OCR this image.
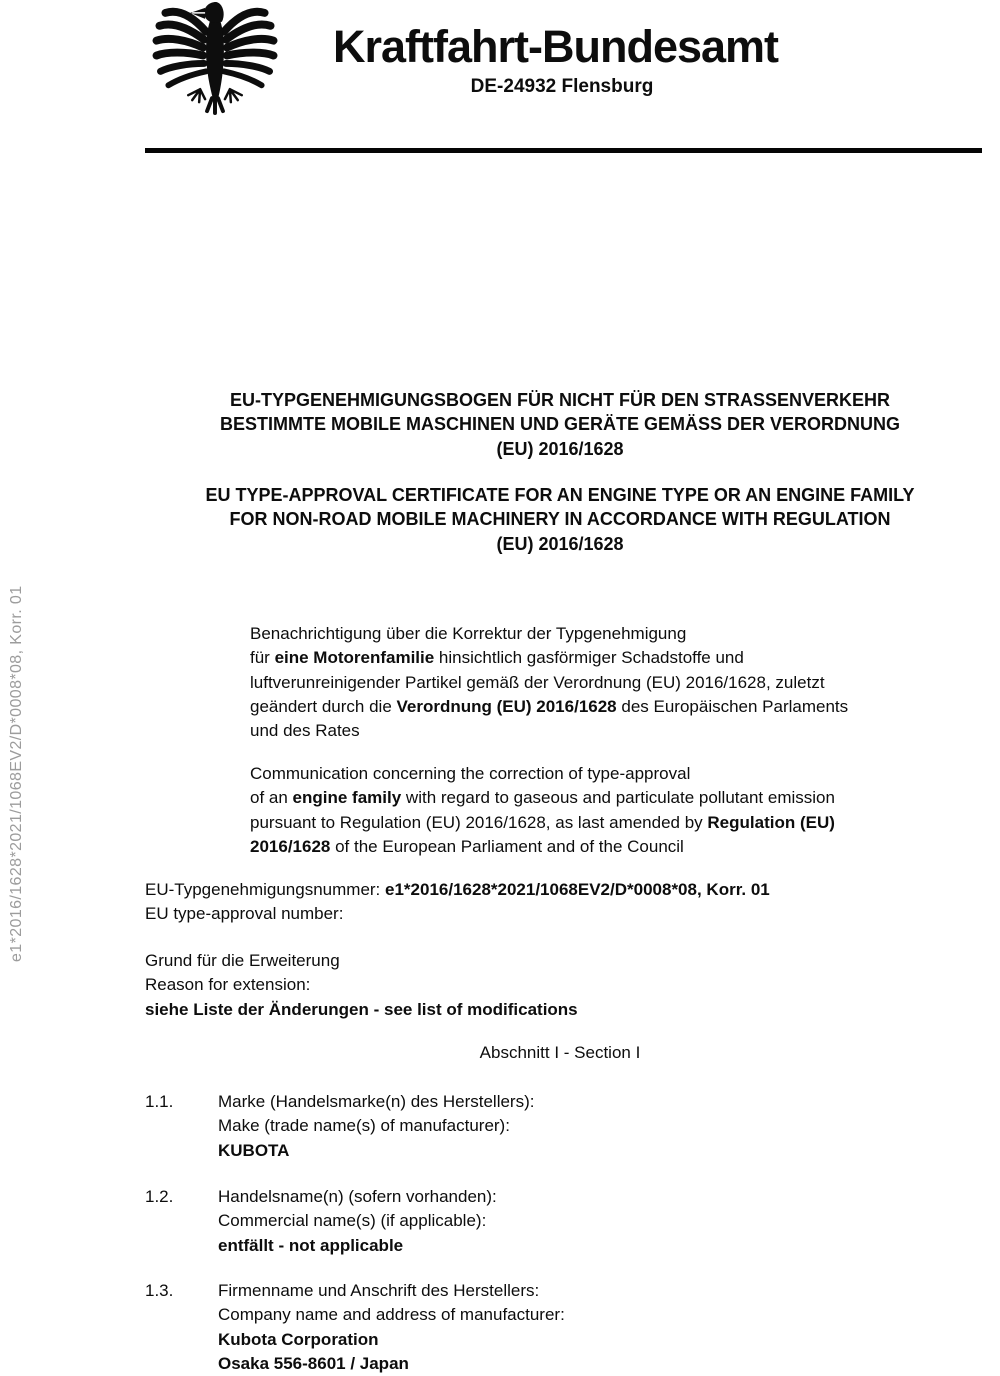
e1*2016/1628*2021/1068EV2/D*0008*08, Korr. 01
Kraftfahrt-Bundesamt
DE-24932 Flensburg
EU-TYPGENEHMIGUNGSBOGEN FÜR NICHT FÜR DEN STRASSENVERKEHR
BESTIMMTE MOBILE MASCHINEN UND GERÄTE GEMÄSS DER VERORDNUNG
(EU) 2016/1628
EU TYPE-APPROVAL CERTIFICATE FOR AN ENGINE TYPE OR AN ENGINE FAMILY
FOR NON-ROAD MOBILE MACHINERY IN ACCORDANCE WITH REGULATION
(EU) 2016/1628
Benachrichtigung über die Korrektur der Typgenehmigung
für eine Motorenfamilie hinsichtlich gasförmiger Schadstoffe und
luftverunreinigender Partikel gemäß der Verordnung (EU) 2016/1628, zuletzt
geändert durch die Verordnung (EU) 2016/1628 des Europäischen Parlaments
und des Rates
Communication concerning the correction of type-approval
of an engine family with regard to gaseous and particulate pollutant emission
pursuant to Regulation (EU) 2016/1628, as last amended by Regulation (EU)
2016/1628 of the European Parliament and of the Council
EU-Typgenehmigungsnummer: e1*2016/1628*2021/1068EV2/D*0008*08, Korr. 01
EU type-approval number:
Grund für die Erweiterung
Reason for extension:
siehe Liste der Änderungen - see list of modifications
Abschnitt I - Section I
1.1.	Marke (Handelsmarke(n) des Herstellers):
Make (trade name(s) of manufacturer):
KUBOTA
1.2.	Handelsname(n) (sofern vorhanden):
Commercial name(s) (if applicable):
entfällt - not applicable
1.3.	Firmenname und Anschrift des Herstellers:
Company name and address of manufacturer:
Kubota Corporation
Osaka 556-8601 / Japan
